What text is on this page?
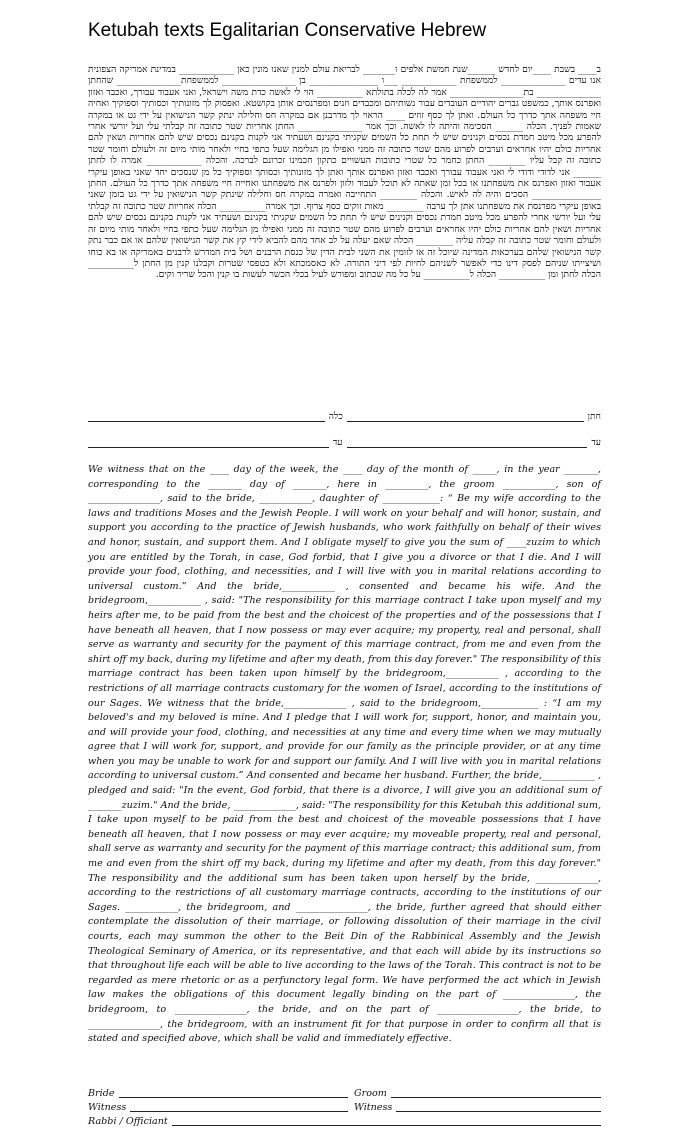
Ketubah texts Egalitarian Conservative Hebrew

ב____ בשבת ____יום לחדש ______שנת חמשת אלפים ו_______ לבריאת עולם למנין שאנו מונין כאן ____________ במדינת אמריקה הצפונית אנו עדים ______________ לממשפחת ____________ ___ו _______________ בן ________________ לממשפחת______________ שהחתן ______________ בת________________ אמר לה לכלה בתולתא __________ הוי לי לאשה כדת משה וישראל, ואני אעבוד עבורך, ואכבד ואזון ואפרנס אותך, כמשפט גברים יהודיים העובדים עבור נשותיהם ומכבדים וזנים ומפרנסים אותן בקושטא. ואפסוק לך מזונותיך וכסותיך וספוקיך ואחיה חיי משפחה אתך כדרך כל העולם. ואתן לך כסף זוזים ____ הראוי לך מדרבנן אם במקרה חס וחלילה ינתק קשר הנישואין על ידי גט או במקרה שאמות לפניך. הכלה ______ הסכימה והיתה לו לאשה. וכך אמר ______________ החתן אחריות שטר כתובה זה קבלתי עלי ועל יורשי אחרי להפרע מכל מיטב חמדת נכסים וקנינים שיש לי תחת כל השמים שקניתי בקנינם ושעתיד אני לקנות בקנינם נכסים שיש להם אחריות ושאין להם אחריות כולם יהיו אחראים וערבים לפרוע מהם שטר כתובה זה ממני ואפילו מן הגלימה שעל כתפי בחיי ולאחר מותי מיום זה ולעולם וחומר שטר כתובה זה קבל עליו ________ החתן כחמר כל שטרי כתובות העשויים כתקון חכמינו זכרונם לברכה. והכלה ____________ אמרה לו לחתן ______ אני לדודי ודודי לי ואני אעבוד עבורך ואכבד ואזון ואפרנס אותך ואתן לך מזונותיך וכסותך וספוקיך כל מן שנסכים יחד שאני באופן עיקרי אעבוד ואזון ואפרנס את משפחתנו או בכל זמן שאתה לא תוכל לעבוד ולזון ולפרנס את משפחתנו ואחייה חיי משפחה אתך כדרך כל העולם. החתן _______________ הסכים והיה לה לאיש. והכלה ________ התחייבה ואמרה במקרה חס וחלילה שינתק קשר הנישואין על ידי גט בזמן שאני באופן עיקרי מפרנסת את משפחתנו אתן לך ערבה ________ מאות זוקים כסף צרוף. וכך אמרה__________ הכלה אחריות שטר כתובה זה קבלתי עלי ועל יורשי אחרי להפרע מכל מיטב חמדת נכסים וקנינים שיש לי תחת כל השמים שקניתי בקנינם ושעתיד אני לקנות בקנינם נכסים שיש להם אחריות ושאין להם אחריות כולם יהיו אחראים וערבים לפרוע מהם שטר כתובה זה ממני ואפילו מן הגלימה שעל כתפי בחיי ולאחר מותי מיום זה ולעולם וחומר שטר כתובה זה קבלה עליה ________ הכלה שאם יעלה על לב אחד מהם להביא לידי קץ את קשר הנישואין שלהם או אם כבר נתק קשר הנישואין שלהם בערכאות המדינה שיוכל זה או לזומין את השני לבית הדין של כנסת הרבנים ושל בית המדרש לרבנים באמריקה או בא כוחו ושיצייתו שניהם לפסק דינו כדי לאפשר לשניהם לחיות לפי דיני התורה. לא כאסמכתא ולא כטפסי שטרות וקבלנו קנין מן החתן ל__________ הכלה לחתן ומן __________ הכלה ל__________ על כל מה שכתוב ומפורש לעיל בכלי הכשר לעשות בו קנין והכל שריר וקים.

חתן
כלה
עד
עד

We witness that on the ____ day of the week, the ____ day of the month of _____, in the year _______, corresponding to the _______ day of _______, here in _________, the groom ___________, son of _______________, said to the bride, ___________, daughter of ____________: “ Be my wife according to the laws and traditions Moses and the Jewish People. I will work on your behalf and will honor, sustain, and support you according to the practice of Jewish husbands, who work faithfully on behalf of their wives and honor, sustain, and support them. And I obligate myself to give you the sum of ____zuzim to which you are entitled by the Torah, in case, God forbid, that I give you a divorce or that I die. And I will provide your food, clothing, and necessities, and I will live with you in marital relations according to universal custom.” And the bride,___________ , consented and became his wife. And the bridegroom,___________ , said: "The responsibility for this marriage contract I take upon myself and my heirs after me, to be paid from the best and the choicest of the properties and of the possessions that I have beneath all heaven, that I now possess or may ever acquire; my property, real and personal, shall serve as warranty and security for the payment of this marriage contract, from me and even from the shirt off my back, during my lifetime and after my death, from this day forever." The responsibility of this marriage contract has been taken upon himself by the bridegroom,___________ , according to the restrictions of all marriage contracts customary for the women of Israel, according to the institutions of our Sages. We witness that the bride,_____________ , said to the bridegroom,____________ : “I am my beloved's and my beloved is mine. And I pledge that I will work for, support, honor, and maintain you, and will provide your food, clothing, and necessities at any time and every time when we may mutually agree that I will work for, support, and provide for our family as the principle provider, or at any time when you may be unable to work for and support our family. And I will live with you in marital relations according to universal custom.” And consented and became her husband. Further, the bride,___________ , pledged and said: "In the event, God forbid, that there is a divorce, I will give you an additional sum of _______zuzim." And the bride, _____________, said: "The responsibility for this Ketubah this additional sum, I take upon myself to be paid from the best and choicest of the moveable possessions that I have beneath all heaven, that I now possess or may ever acquire; my moveable property, real and personal, shall serve as warranty and security for the payment of this marriage contract; this additional sum, from me and even from the shirt off my back, during my lifetime and after my death, from this day forever." The responsibility and the additional sum has been taken upon herself by the bride, _____________, according to the restrictions of all customary marriage contracts, according to the institutions of our Sages. ___________, the bridegroom, and _______________, the bride, further agreed that should either contemplate the dissolution of their marriage, or following dissolution of their marriage in the civil courts, each may summon the other to the Beit Din of the Rabbinical Assembly and the Jewish Theological Seminary of America, or its representative, and that each will abide by its instructions so that throughout life each will be able to live according to the laws of the Torah. This contract is not to be regarded as mere rhetoric or as a perfunctory legal form. We have performed the act which in Jewish law makes the obligations of this document legally binding on the part of _______________, the bridegroom, to _______________, the bride, and on the part of _________________, the bride, to _______________, the bridegroom, with an instrument fit for that purpose in order to confirm all that is stated and specified above, which shall be valid and immediately effective.

Bride	Groom
Witness	Witness
Rabbi / Officiant
